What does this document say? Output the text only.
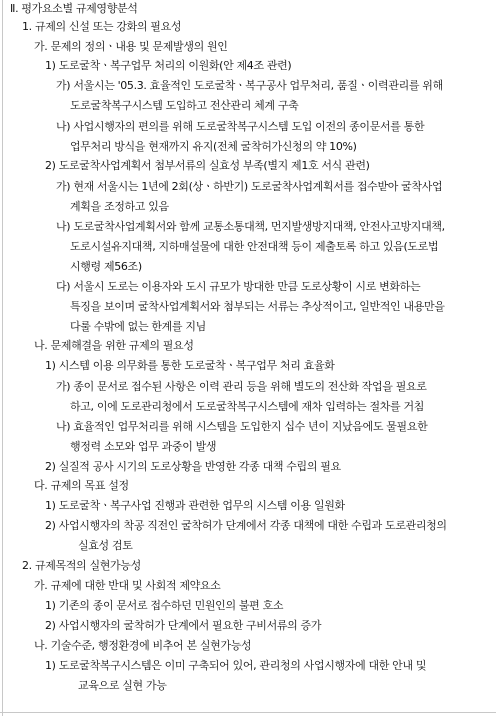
Ⅱ. 평가요소별 규제영향분석
1. 규제의 신설 또는 강화의 필요성
가. 문제의 정의ㆍ내용 및 문제발생의 원인
1) 도로굴착ㆍ복구업무 처리의 이원화(안 제4조 관련)
가) 서울시는 '05.3. 효율적인 도로굴착ㆍ복구공사 업무처리, 품질ㆍ이력관리를 위해
도로굴착복구시스템 도입하고 전산관리 체계 구축
나) 사업시행자의 편의를 위해 도로굴착복구시스템 도입 이전의 종이문서를 통한
업무처리 방식을 현재까지 유지(전체 굴착허가신청의 약 10%)
2) 도로굴착사업계획서 첨부서류의 실효성 부족(별지 제1호 서식 관련)
가) 현재 서울시는 1년에 2회(상ㆍ하반기) 도로굴착사업계획서를 접수받아 굴착사업
계획을 조정하고 있음
나) 도로굴착사업계획서와 함께 교통소통대책, 먼지발생방지대책, 안전사고방지대책,
도로시설유지대책, 지하매설물에 대한 안전대책 등이 제출토록 하고 있음(도로법
시행령 제56조)
다) 서울시 도로는 이용자와 도시 규모가 방대한 만큼 도로상황이 시로 변화하는
특징을 보이며 굴착사업계획서와 첨부되는 서류는 추상적이고, 일반적인 내용만을
다룰 수밖에 없는 한계를 지님
나. 문제해결을 위한 규제의 필요성
1) 시스템 이용 의무화를 통한 도로굴착ㆍ복구업무 처리 효율화
가) 종이 문서로 접수된 사항은 이력 관리 등을 위해 별도의 전산화 작업을 필요로
하고, 이에 도로관리청에서 도로굴착복구시스템에 재차 입력하는 절차를 거침
나) 효율적인 업무처리를 위해 시스템을 도입한지 십수 년이 지났음에도 물필요한
행정력 소모와 업무 과중이 발생
2) 실질적 공사 시기의 도로상황을 반영한 각종 대책 수립의 필요
다. 규제의 목표 설정
1) 도로굴착ㆍ복구사업 진행과 관련한 업무의 시스템 이용 일원화
2) 사업시행자의 착공 직전인 굴착허가 단계에서 각종 대책에 대한 수립과 도로관리청의
실효성 검토
2. 규제목적의 실현가능성
가. 규제에 대한 반대 및 사회적 제약요소
1) 기존의 종이 문서로 접수하던 민원인의 불편 호소
2) 사업시행자의 굴착허가 단계에서 필요한 구비서류의 증가
나. 기술수준, 행정환경에 비추어 본 실현가능성
1) 도로굴착복구시스템은 이미 구축되어 있어, 관리청의 사업시행자에 대한 안내 및
교육으로 실현 가능
